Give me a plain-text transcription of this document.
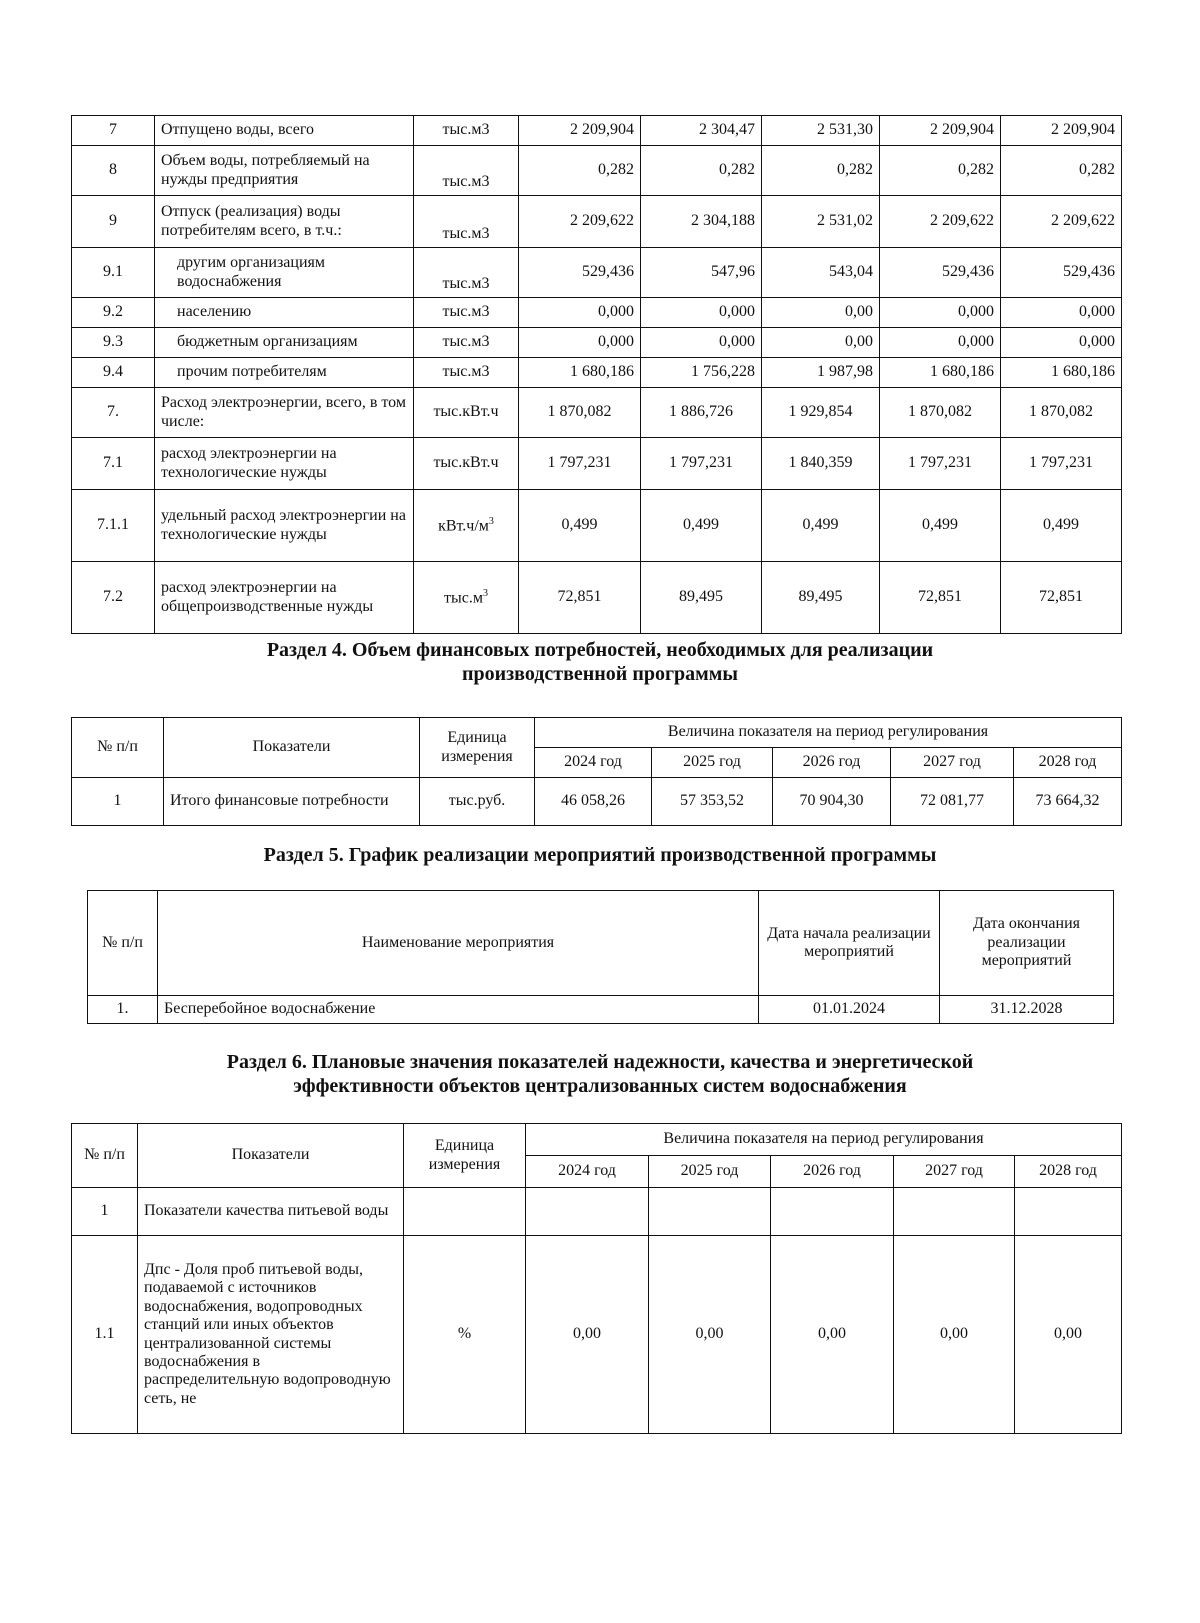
7	Отпущено воды, всего	тыс.м3	2 209,904	2 304,47	2 531,30	2 209,904	2 209,904
8	Объем воды, потребляемый на нужды предприятия	тыс.м3	0,282	0,282	0,282	0,282	0,282
9	Отпуск (реализация) воды потребителям всего, в т.ч.:	тыс.м3	2 209,622	2 304,188	2 531,02	2 209,622	2 209,622
9.1	другим организациям водоснабжения	тыс.м3	529,436	547,96	543,04	529,436	529,436
9.2	населению	тыс.м3	0,000	0,000	0,00	0,000	0,000
9.3	бюджетным организациям	тыс.м3	0,000	0,000	0,00	0,000	0,000
9.4	прочим потребителям	тыс.м3	1 680,186	1 756,228	1 987,98	1 680,186	1 680,186
7.	Расход электроэнергии, всего, в том числе:	тыс.кВт.ч	1 870,082	1 886,726	1 929,854	1 870,082	1 870,082
7.1	расход электроэнергии на технологические нужды	тыс.кВт.ч	1 797,231	1 797,231	1 840,359	1 797,231	1 797,231
7.1.1	удельный расход электроэнергии на технологические нужды	$кВт.ч/м^3$	0,499	0,499	0,499	0,499	0,499
7.2	расход электроэнергии на общепроизводственные нужды	$тыс.м^3$	72,851	89,495	89,495	72,851	72,851
Раздел 4. Объем финансовых потребностей, необходимых для реализации
производственной программы
№ п/п	Показатели	Единица измерения	Величина показателя на период регулирования				
			2024 год	2025 год	2026 год	2027 год	2028 год
1	Итого финансовые потребности	тыс.руб.	46 058,26	57 353,52	70 904,30	72 081,77	73 664,32
Раздел 5. График реализации мероприятий производственной программы
№ п/п	Наименование мероприятия	Дата начала реализации мероприятий	Дата окончания реализации мероприятий
1.	Бесперебойное водоснабжение	01.01.2024	31.12.2028
Раздел 6. Плановые значения показателей надежности, качества и энергетической
эффективности объектов централизованных систем водоснабжения
№ п/п	Показатели	Единица измерения	Величина показателя на период регулирования				
			2024 год	2025 год	2026 год	2027 год	2028 год
1	Показатели качества питьевой воды						
1.1	Дпс - Доля проб питьевой воды, подаваемой с источников водоснабжения, водопроводных станций или иных объектов централизованной системы водоснабжения в распределительную водопроводную сеть, не	%	0,00	0,00	0,00	0,00	0,00
